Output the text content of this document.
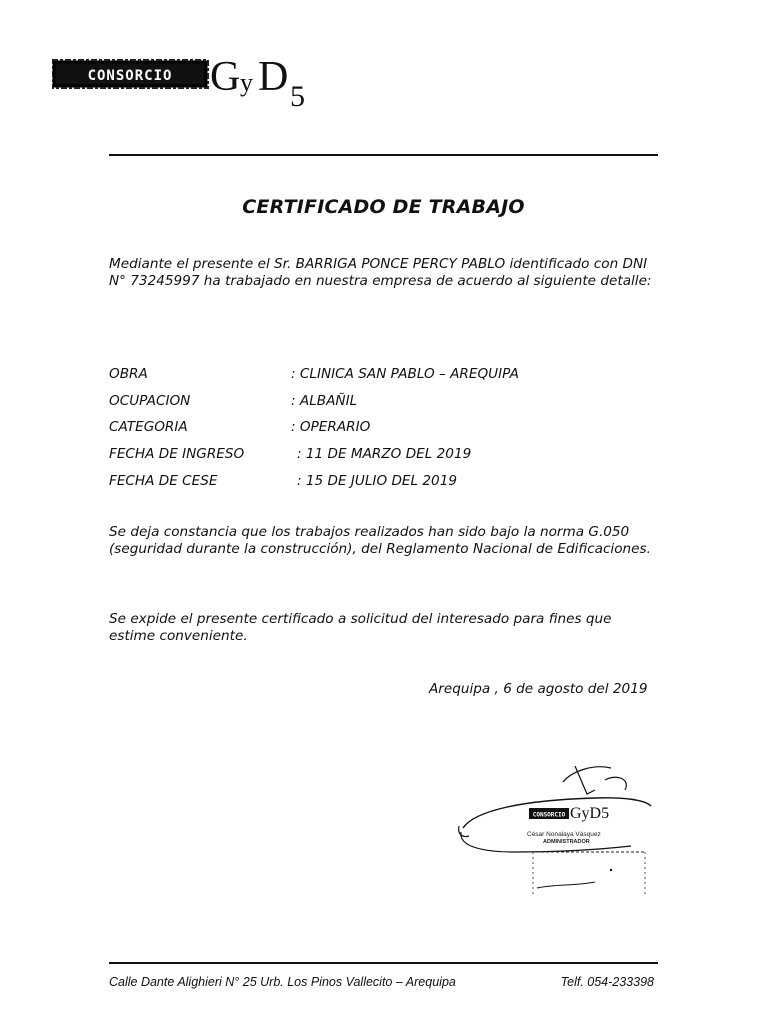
CONSORCIO G y D 5
CERTIFICADO DE TRABAJO
Mediante el presente el Sr. BARRIGA PONCE PERCY PABLO identificado con DNI N° 73245997 ha trabajado en nuestra empresa de acuerdo al siguiente detalle:
OBRA	: CLINICA SAN PABLO – AREQUIPA
OCUPACION	: ALBAÑIL
CATEGORIA	: OPERARIO
FECHA DE INGRESO	: 11 DE MARZO DEL 2019
FECHA DE CESE	: 15 DE JULIO DEL 2019
Se deja constancia que los trabajos realizados han sido bajo la norma G.050 (seguridad durante la construcción), del Reglamento Nacional de Edificaciones.
Se expide el presente certificado a solicitud del interesado para fines que estime conveniente.
Arequipa , 6 de agosto del 2019
CONSORCIO GyD5
César Nonalaya Vásquez
ADMINISTRADOR
Calle Dante Alighieri N° 25 Urb. Los Pinos Vallecito – Arequipa	Telf. 054-233398
